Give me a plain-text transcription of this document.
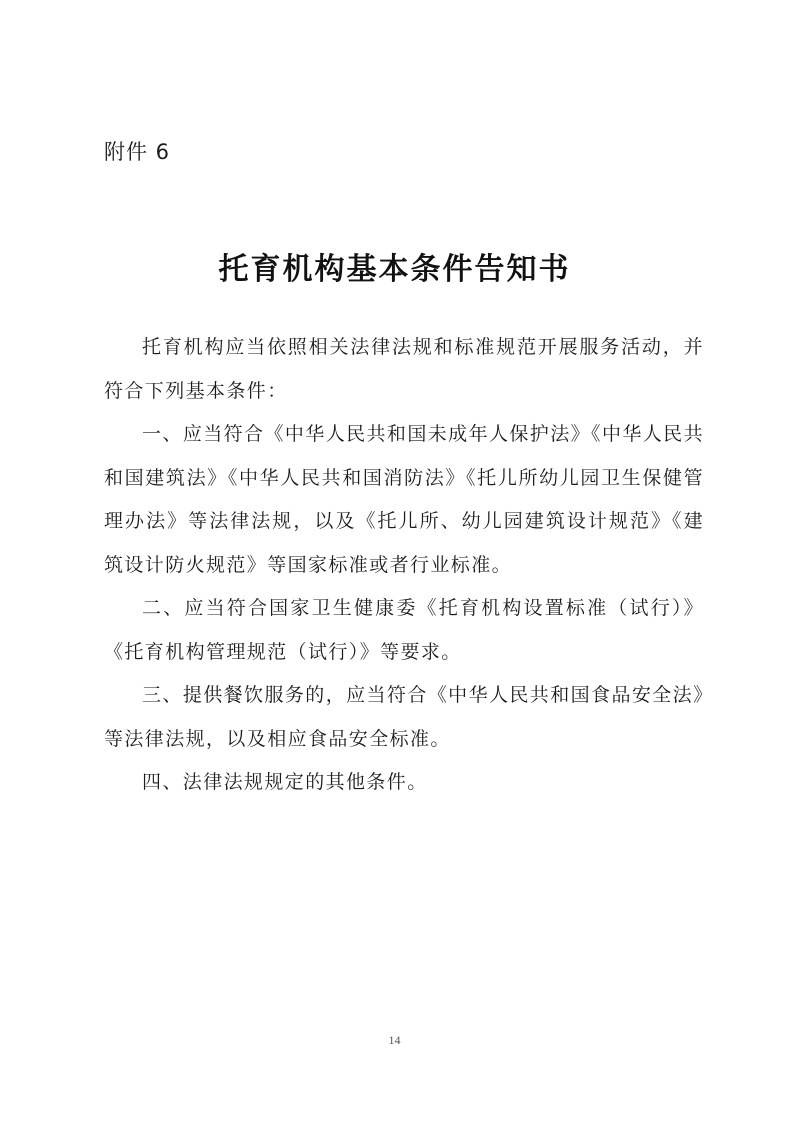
附件 6
托育机构基本条件告知书

托育机构应当依照相关法律法规和标准规范开展服务活动，并符合下列基本条件：

一、应当符合《中华人民共和国未成年人保护法》《中华人民共和国建筑法》《中华人民共和国消防法》《托儿所幼儿园卫生保健管理办法》等法律法规，以及《托儿所、幼儿园建筑设计规范》《建筑设计防火规范》等国家标准或者行业标准。

二、应当符合国家卫生健康委《托育机构设置标准（试行）》《托育机构管理规范（试行）》等要求。

三、提供餐饮服务的，应当符合《中华人民共和国食品安全法》等法律法规，以及相应食品安全标准。

四、法律法规规定的其他条件。

14
